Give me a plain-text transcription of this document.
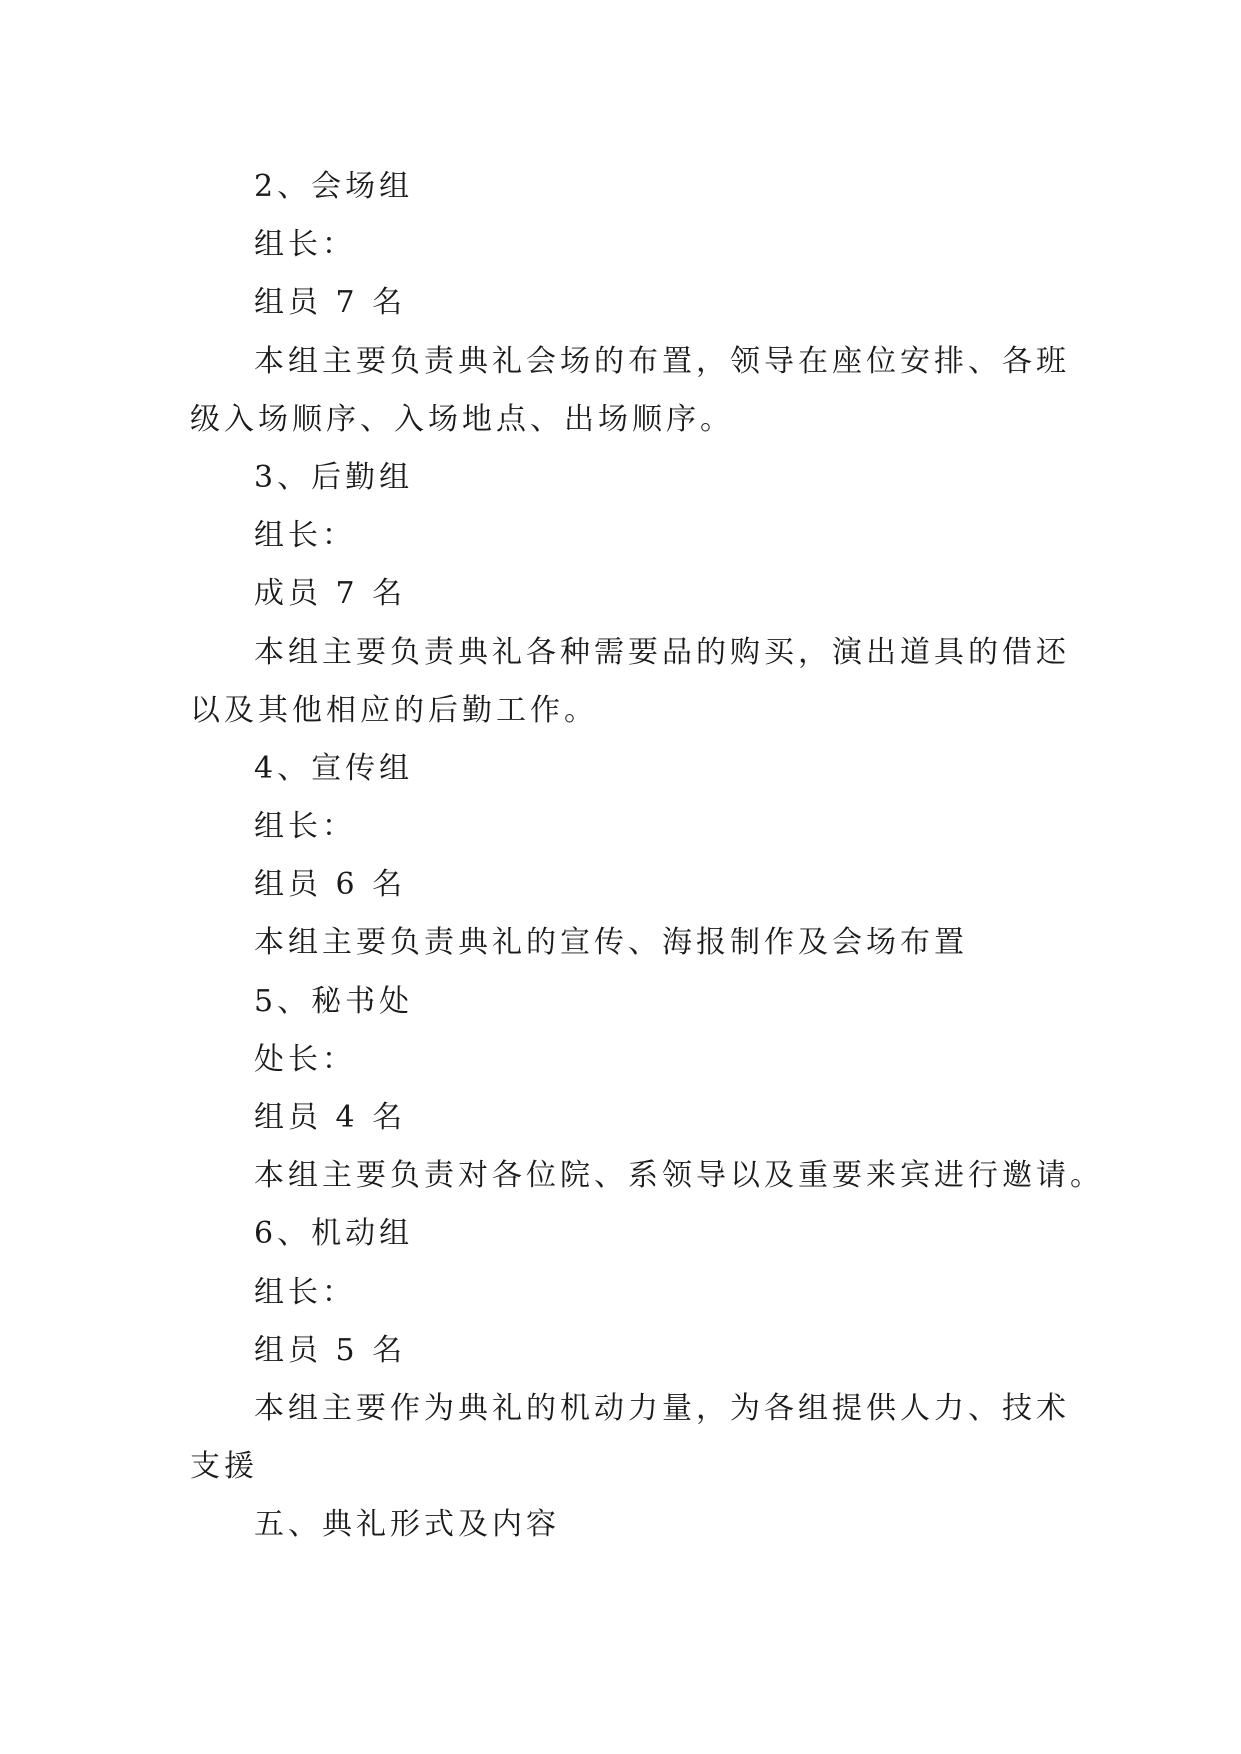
2、会场组
组长：
组员 7 名
本组主要负责典礼会场的布置，领导在座位安排、各班
级入场顺序、入场地点、出场顺序。
3、后勤组
组长：
成员 7 名
本组主要负责典礼各种需要品的购买，演出道具的借还
以及其他相应的后勤工作。
4、宣传组
组长：
组员 6 名
本组主要负责典礼的宣传、海报制作及会场布置
5、秘书处
处长：
组员 4 名
本组主要负责对各位院、系领导以及重要来宾进行邀请。
6、机动组
组长：
组员 5 名
本组主要作为典礼的机动力量，为各组提供人力、技术
支援
五、典礼形式及内容
